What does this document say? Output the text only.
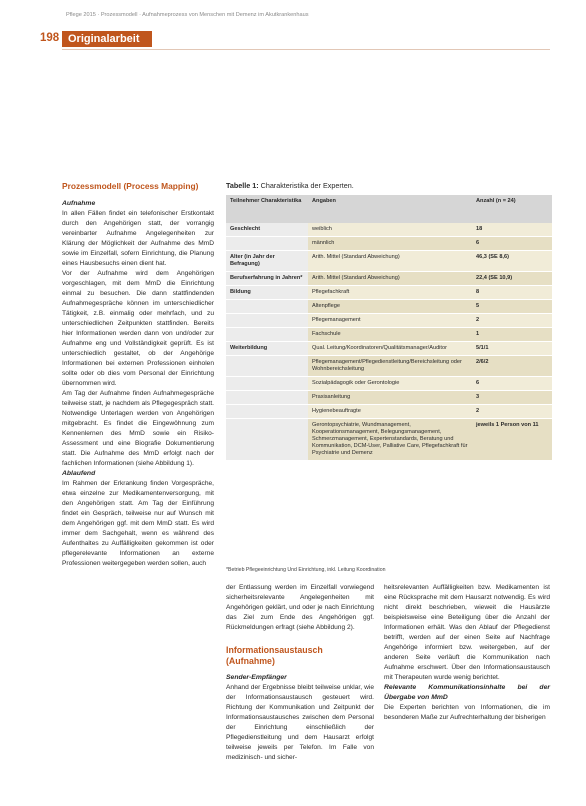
Pflege 2015 · Prozessmodell · Aufnahmeprozess von Menschen mit Demenz im Akutkrankenhaus
198 Originalarbeit
Prozessmodell (Process Mapping)

Aufnahme

In allen Fällen findet ein telefonischer Erstkontakt durch den Angehörigen statt, der vorrangig vereinbarter Aufnahme Angelegenheiten zur Klärung der Möglichkeit der Aufnahme des MmD sowie im Einzelfall, sofern Einrichtung, die Planung eines Hausbesuchs einen dient hat.

Vor der Aufnahme wird dem Angehörigen vorgeschlagen, mit dem MmD die Einrichtung einmal zu besuchen. Die dann stattfindenden Aufnahmegespräche können im unterschiedlicher Tätigkeit, z.B. einmalig oder mehrfach, und zu unterschiedlichen Zeitpunkten stattfinden. Bereits hier Informationen werden dann von und/oder zur Aufnahme eng und Vollständigkeit geprüft. Es ist unterschiedlich gestaltet, ob der Angehörige Informationen bei externen Professionen einholen sollte oder ob dies vom Personal der Einrichtung übernommen wird.

Am Tag der Aufnahme finden Aufnahmegespräche teilweise statt, je nachdem als Pflegegespräch statt. Notwendige Unterlagen werden von Angehörigen mitgebracht. Es findet die Eingewöhnung zum Kennenlernen des MmD sowie ein Risiko-Assessment und eine Biografie Dokumentierung statt. Die Aufnahme des MmD erfolgt nach der fachlichen Informationen (siehe Abbildung 1).

Ablaufend

Im Rahmen der Erkrankung finden Vorgespräche, etwa einzelne zur Medikamentenversorgung, mit den Angehörigen statt. Am Tag der Einführung findet ein Gespräch, teilweise nur auf Wunsch mit dem Angehörigen ggf. mit dem MmD statt. Es wird immer dem Sachgehalt, wenn es während des Aufenthaltes zu Auffälligkeiten gekommen ist oder pflegerelevante Informationen an externe Professionen weitergegeben werden sollen, auch

Tabelle 1: Charakteristika der Experten.
Teilnehmer Charakteristika	Angaben	Anzahl (n = 24)
Geschlecht	weiblich	18
	männlich	6
Alter (in Jahr der Befragung)	Arith. Mittel (Standard Abweichung)	46,3 (SE 8,6)
Berufserfahrung in Jahren*	Arith. Mittel (Standard Abweichung)	22,4 (SE 10,9)
Bildung	Pflegefachkraft	8
	Altenpflege	5
	Pflegemanagement	2
	Fachschule	1
Weiterbildung	Qual. Leitung/Koordinatoren/Qualitätsmanager/Auditor	5/1/1
	Pflegemanagement/Pflegedienstleitung/Bereichsleitung oder Wohnbereichsleitung	2/6/2
	Sozialpädagogik oder Gerontologie	6
	Praxisanleitung	3
	Hygienebeauftragte	2
	Gerontopsychiatrie, Wundmanagement, Kooperationsmanagement, Belegungsmanagement, Schmerzmanagement, Expertenstandards, Beratung und Kommunikation, DCM-User, Palliative Care, Pflegefachkraft für Psychiatrie und Demenz	jeweils 1 Person von 11
*Betrieb Pflegeeinrichtung Und Einrichtung, inkl. Leitung Koordination

der Entlassung werden im Einzelfall vorwiegend sicherheitsrelevante Angelegenheiten mit Angehörigen geklärt, und oder je nach Einrichtung das Ziel zum Ende des Angehörigen ggf. Rückmeldungen erfragt (siehe Abbildung 2).

Informationsaustausch (Aufnahme)

Sender-Empfänger

Anhand der Ergebnisse bleibt teilweise unklar, wie der Informationsaustausch gesteuert wird. Richtung der Kommunikation und Zeitpunkt der Informationsaustausches zwischen dem Personal der Einrichtung einschließlich der Pflegedienstleitung und dem Hausarzt erfolgt teilweise jeweils per Telefon. Im Falle von medizinisch- und sicher-

heitsrelevanten Auffälligkeiten bzw. Medikamenten ist eine Rücksprache mit dem Hausarzt notwendig. Es wird nicht direkt beschrieben, wieweit die Hausärzte beispielsweise eine Beteiligung über die Anzahl der Informationen erhält. Was den Ablauf der Pflegedienst betrifft, werden auf der einen Seite auf Nachfrage Angehörige informiert bzw. weitergeben, auf der anderen Seite verläuft die Kommunikation nach Aufnahme erschwert. Über den Informationsaustausch mit Therapeuten wurde wenig berichtet.

Relevante Kommunikationsinhalte bei der Übergabe von MmD

Die Experten berichten von Informationen, die im besonderen Maße zur Aufrechterhaltung der bisherigen
